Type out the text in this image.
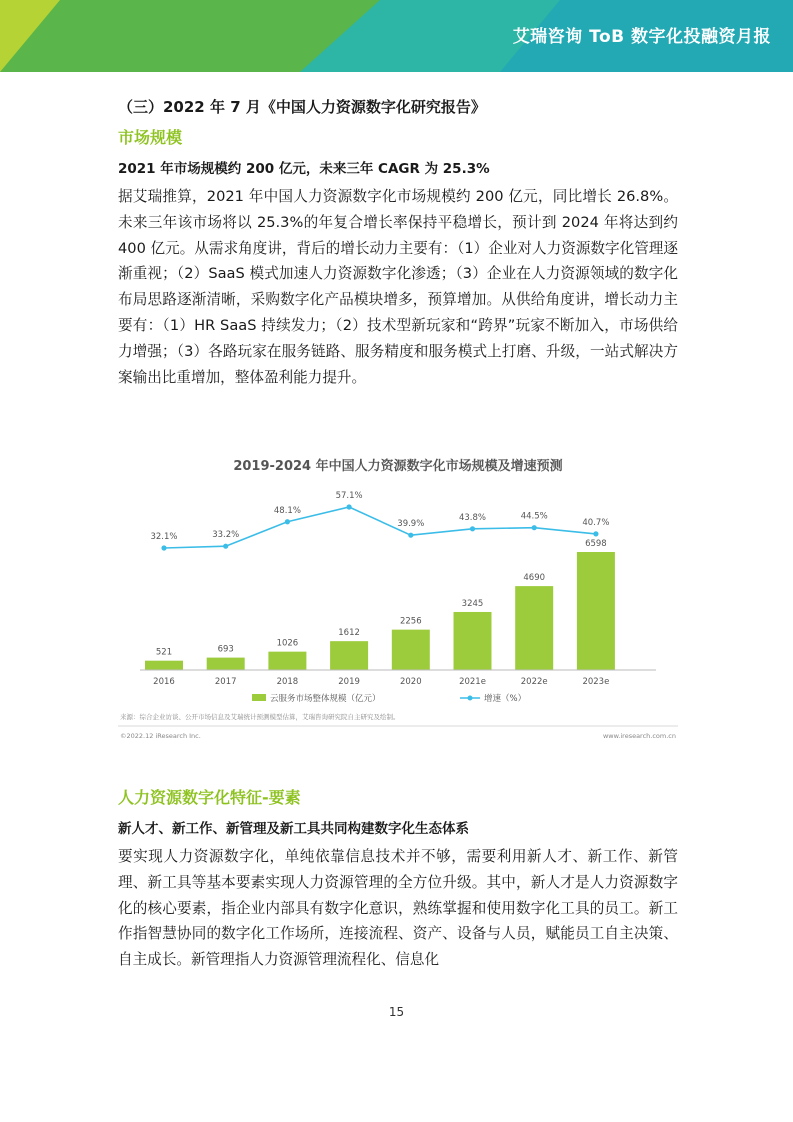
艾瑞咨询 ToB 数字化投融资月报
（三）2022 年 7 月《中国人力资源数字化研究报告》
市场规模
2021 年市场规模约 200 亿元，未来三年 CAGR 为 25.3%

据艾瑞推算，2021 年中国人力资源数字化市场规模约 200 亿元，同比增长 26.8%。未来三年该市场将以 25.3%的年复合增长率保持平稳增长，预计到 2024 年将达到约 400 亿元。从需求角度讲，背后的增长动力主要有：（1）企业对人力资源数字化管理逐渐重视；（2）SaaS 模式加速人力资源数字化渗透；（3）企业在人力资源领域的数字化布局思路逐渐清晰，采购数字化产品模块增多，预算增加。从供给角度讲，增长动力主要有：（1）HR SaaS 持续发力；（2）技术型新玩家和“跨界”玩家不断加入，市场供给力增强；（3）各路玩家在服务链路、服务精度和服务模式上打磨、升级，一站式解决方案输出比重增加，整体盈利能力提升。

2019-2024 年中国人力资源数字化市场规模及增速预测
521	693
1026
1612
2256
3245
4690
6598
32.1%	33.2%
48.1%
57.1%
39.9%
43.8%	44.5%
40.7%
2016	2017	2018	2019	2020	2021e	2022e	2023e
云服务市场整体规模（亿元）	增速（%）
来源：综合企业访谈、公开市场信息及艾瑞统计预测模型估算，艾瑞咨询研究院自主研究及绘制。
©2022.12 iResearch Inc.	www.iresearch.com.cn
人力资源数字化特征-要素
新人才、新工作、新管理及新工具共同构建数字化生态体系

要实现人力资源数字化，单纯依靠信息技术并不够，需要利用新人才、新工作、新管理、新工具等基本要素实现人力资源管理的全方位升级。其中，新人才是人力资源数字化的核心要素，指企业内部具有数字化意识，熟练掌握和使用数字化工具的员工。新工作指智慧协同的数字化工作场所，连接流程、资产、设备与人员，赋能员工自主决策、自主成长。新管理指人力资源管理流程化、信息化

15
